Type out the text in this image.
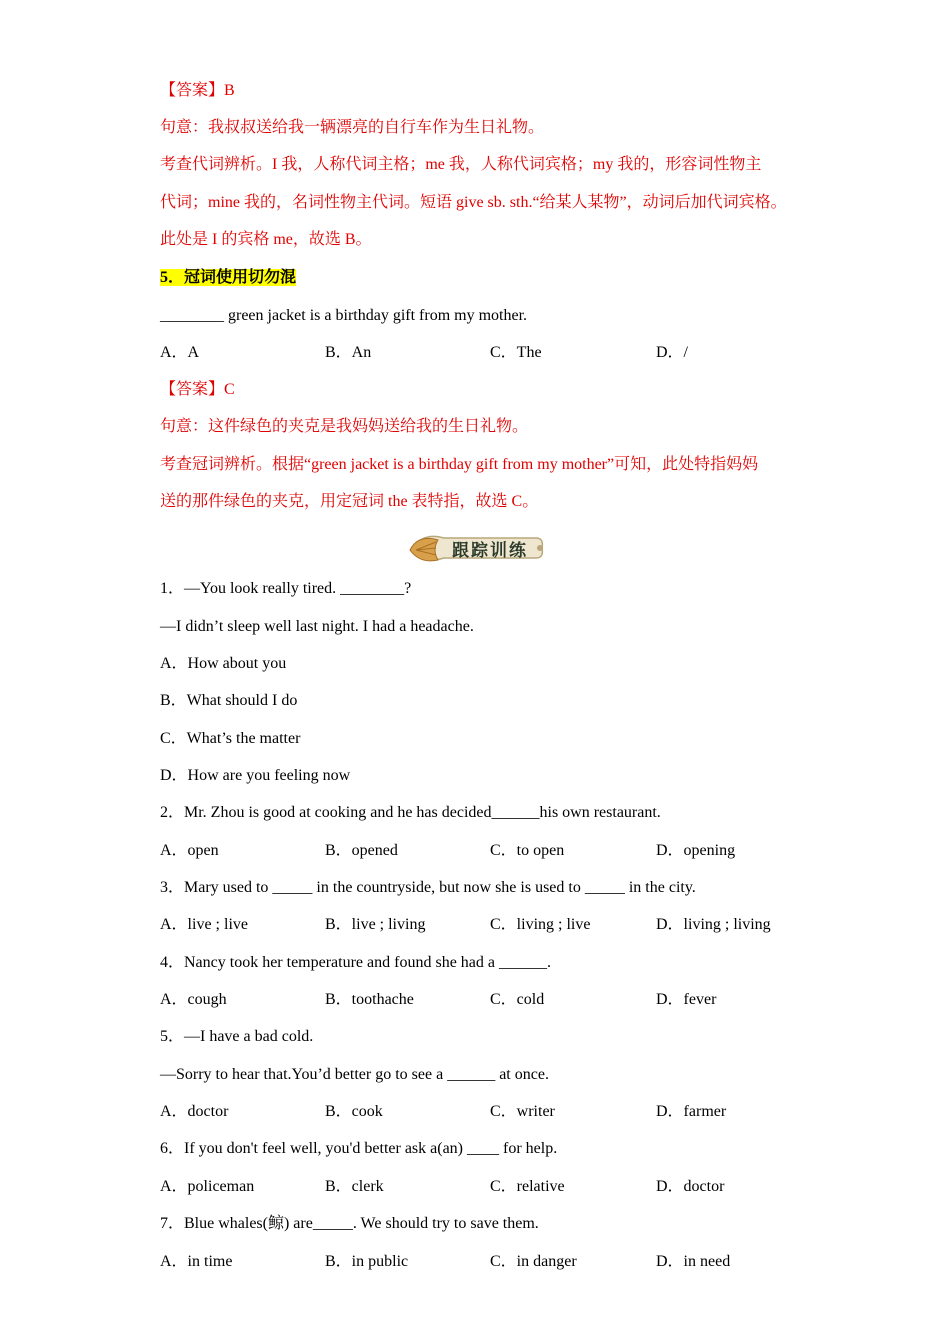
【答案】B
句意：我叔叔送给我一辆漂亮的自行车作为生日礼物。
考查代词辨析。I 我，人称代词主格；me 我，人称代词宾格；my 我的，形容词性物主
代词；mine 我的，名词性物主代词。短语 give sb. sth.“给某人某物”，动词后加代词宾格。
此处是 I 的宾格 me，故选 B。
5．冠词使用切勿混
________ green jacket is a birthday gift from my mother.
A．A	B．An	C．The	D．/
【答案】C
句意：这件绿色的夹克是我妈妈送给我的生日礼物。
考查冠词辨析。根据“green jacket is a birthday gift from my mother”可知，此处特指妈妈
送的那件绿色的夹克，用定冠词 the 表特指，故选 C。
跟踪训练
1．—You look really tired. ________?
—I didn’t sleep well last night. I had a headache.
A．How about you
B．What should I do
C．What’s the matter
D．How are you feeling now
2．Mr. Zhou is good at cooking and he has decided______his own restaurant.
A．open	B．opened	C．to open	D．opening
3．Mary used to _____ in the countryside, but now she is used to _____ in the city.
A．live ; live	B．live ; living	C．living ; live	D．living ; living
4．Nancy took her temperature and found she had a ______.
A．cough	B．toothache	C．cold	D．fever
5．—I have a bad cold.
—Sorry to hear that.You’d better go to see a ______ at once.
A．doctor	B．cook	C．writer	D．farmer
6．If you don't feel well, you'd better ask a(an) ____ for help.
A．policeman	B．clerk	C．relative	D．doctor
7．Blue whales(鲸) are_____. We should try to save them.
A．in time	B．in public	C．in danger	D．in need
